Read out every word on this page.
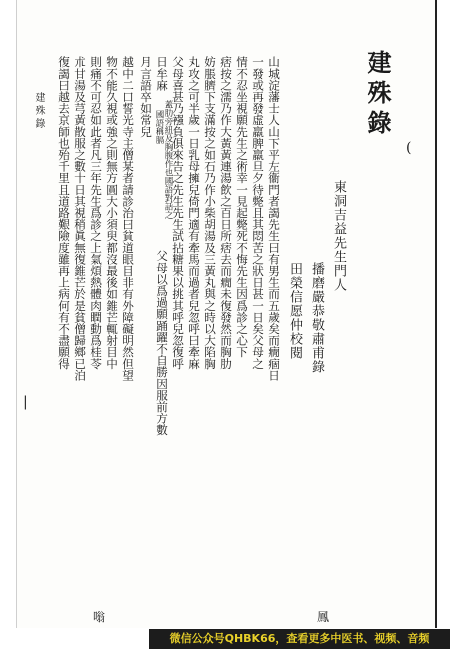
建殊錄
東洞吉益先生門人
播磨嚴恭敬肅甫錄
田榮信愿仲校閱
山城淀藩士人山下平左衞門者謁先生曰有男生而五歲矣而癇痼日
一發或再發虛羸脾羸旦夕待斃且其悶苦之狀日甚一日矣父母之
情不忍坐視願先生之術幸一見起斃死不悔先生因爲診之心下
痞按之濡乃作大黃黃連湯飲之百日所痞去而癇未復發然而胸肋
妨脹臍下支滿按之如石乃作小柴胡湯及三黃丸與之時以大陷胸
丸攻之可半歲一日乳母擁兒倚門適有牽馬而過者兒忽呼曰牽麻
父母喜甚乃襁負俱來告之先生先生試拈糖果以挑其呼兒忽復呼
日牟麻
父母以爲過願踊躍不自勝因服前方數
蓋肋旁紐及胸腹作也國語對話之
國語稱膈
月言語卒如常兒
越中二口誓光寺主僧某者請診治曰貧道眼目非有外障礙明然但望
物不能久視或強之則無方圓大小須臾都沒最後如錐芒輒射目中
則痛不可忍如此者凡三年先生爲診之上氣煩熱體肉瞤動爲桂苓
朮甘湯及芎黃散服之數十日其視稍眞無復錐芒於是貧僧歸鄉已泊
復謁曰越去京師也殆千里且道路艱險度雖再上病何有不盡願得
建殊錄
(
|
鳳
嗡
微信公众号QHBK66，查看更多中医书、视频、音频
